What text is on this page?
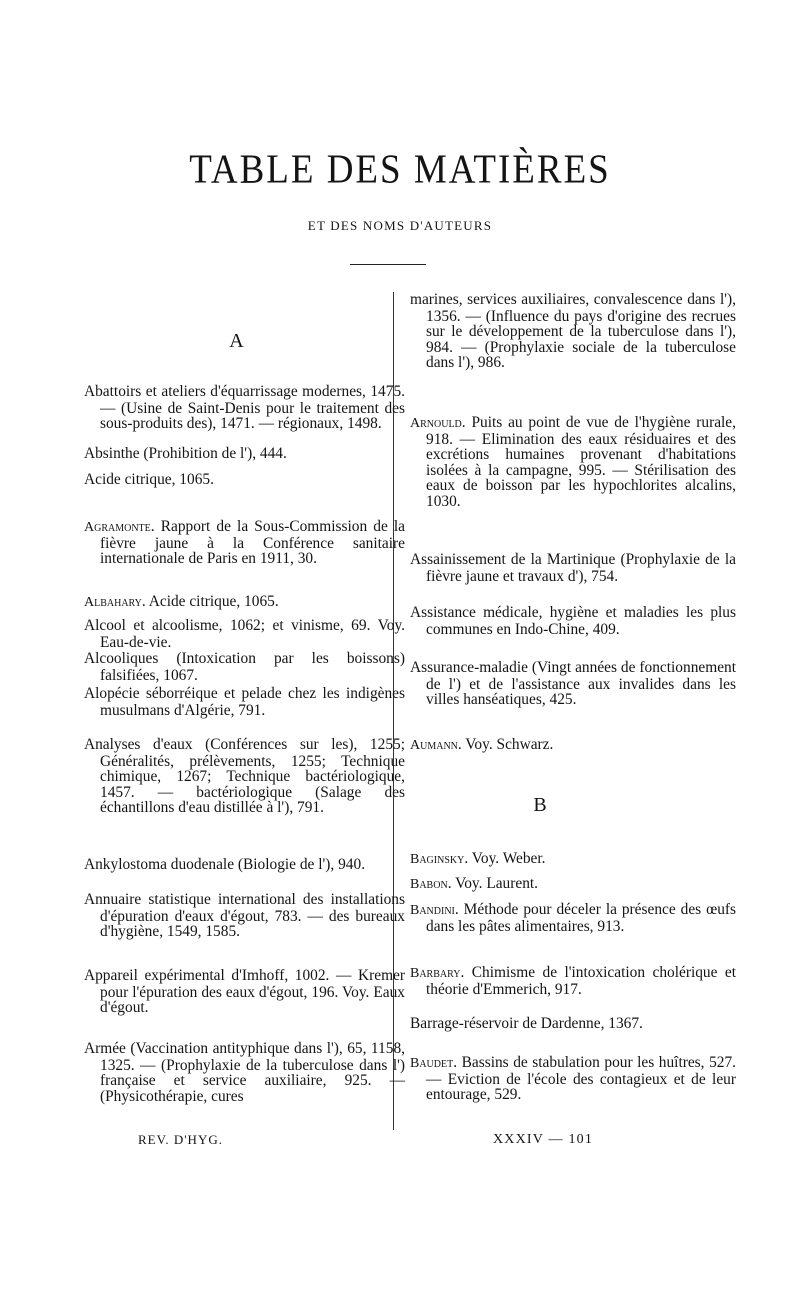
TABLE DES MATIÈRES
ET DES NOMS D'AUTEURS
A

Abattoirs et ateliers d'équarrissage modernes, 1475. — (Usine de Saint-Denis pour le traitement des sous-produits des), 1471. — régionaux, 1498.

Absinthe (Prohibition de l'), 444.

Acide citrique, 1065.

Agramonte. Rapport de la Sous-Commission de la fièvre jaune à la Conférence sanitaire internationale de Paris en 1911, 30.

Albahary. Acide citrique, 1065.

Alcool et alcoolisme, 1062; et vinisme, 69. Voy. Eau-de-vie.

Alcooliques (Intoxication par les boissons) falsifiées, 1067.

Alopécie séborréique et pelade chez les indigènes musulmans d'Algérie, 791.

Analyses d'eaux (Conférences sur les), 1255; Généralités, prélèvements, 1255; Technique chimique, 1267; Technique bactériologique, 1457. — bactériologique (Salage des échantillons d'eau distillée à l'), 791.

Ankylostoma duodenale (Biologie de l'), 940.

Annuaire statistique international des installations d'épuration d'eaux d'égout, 783. — des bureaux d'hygiène, 1549, 1585.

Appareil expérimental d'Imhoff, 1002. — Kremer pour l'épuration des eaux d'égout, 196. Voy. Eaux d'égout.

Armée (Vaccination antityphique dans l'), 65, 1158, 1325. — (Prophylaxie de la tuberculose dans l') française et service auxiliaire, 925. — (Physicothérapie, cures

marines, services auxiliaires, convalescence dans l'), 1356. — (Influence du pays d'origine des recrues sur le développement de la tuberculose dans l'), 984. — (Prophylaxie sociale de la tuberculose dans l'), 986.

Arnould. Puits au point de vue de l'hygiène rurale, 918. — Elimination des eaux résiduaires et des excrétions humaines provenant d'habitations isolées à la campagne, 995. — Stérilisation des eaux de boisson par les hypochlorites alcalins, 1030.

Assainissement de la Martinique (Prophylaxie de la fièvre jaune et travaux d'), 754.

Assistance médicale, hygiène et maladies les plus communes en Indo-Chine, 409.

Assurance-maladie (Vingt années de fonctionnement de l') et de l'assistance aux invalides dans les villes hanséatiques, 425.

Aumann. Voy. Schwarz.

B

Baginsky. Voy. Weber.

Babon. Voy. Laurent.

Bandini. Méthode pour déceler la présence des œufs dans les pâtes alimentaires, 913.

Barbary. Chimisme de l'intoxication cholérique et théorie d'Emmerich, 917.

Barrage-réservoir de Dardenne, 1367.

Baudet. Bassins de stabulation pour les huîtres, 527. — Eviction de l'école des contagieux et de leur entourage, 529.

REV. D'HYG.	XXXIV — 101
